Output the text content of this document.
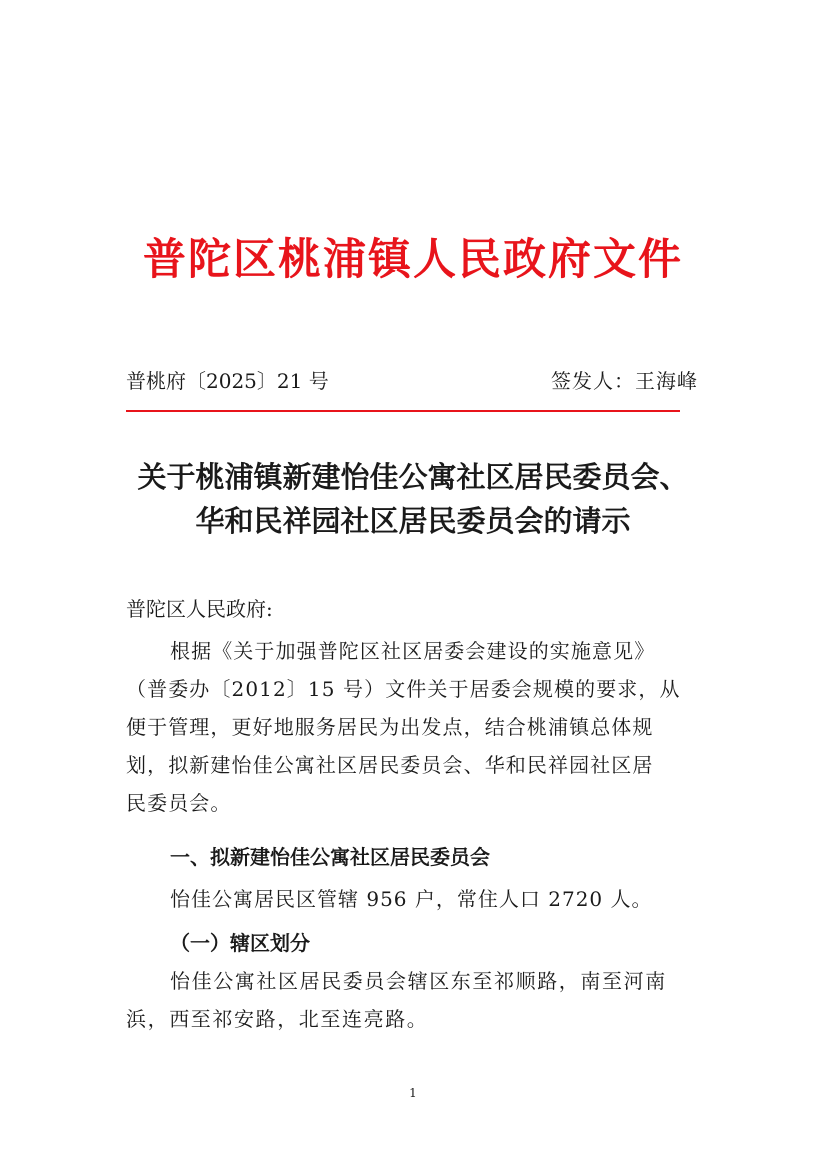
普陀区桃浦镇人民政府文件
普桃府〔2025〕21 号	签发人：王海峰
关于桃浦镇新建怡佳公寓社区居民委员会、
华和民祥园社区居民委员会的请示
普陀区人民政府:
根据《关于加强普陀区社区居委会建设的实施意见》
（普委办〔2012〕15 号）文件关于居委会规模的要求，从
便于管理，更好地服务居民为出发点，结合桃浦镇总体规
划，拟新建怡佳公寓社区居民委员会、华和民祥园社区居
民委员会。
一、拟新建怡佳公寓社区居民委员会
怡佳公寓居民区管辖 956 户，常住人口 2720 人。
（一）辖区划分
怡佳公寓社区居民委员会辖区东至祁顺路，南至河南
浜，西至祁安路，北至连亮路。
1
